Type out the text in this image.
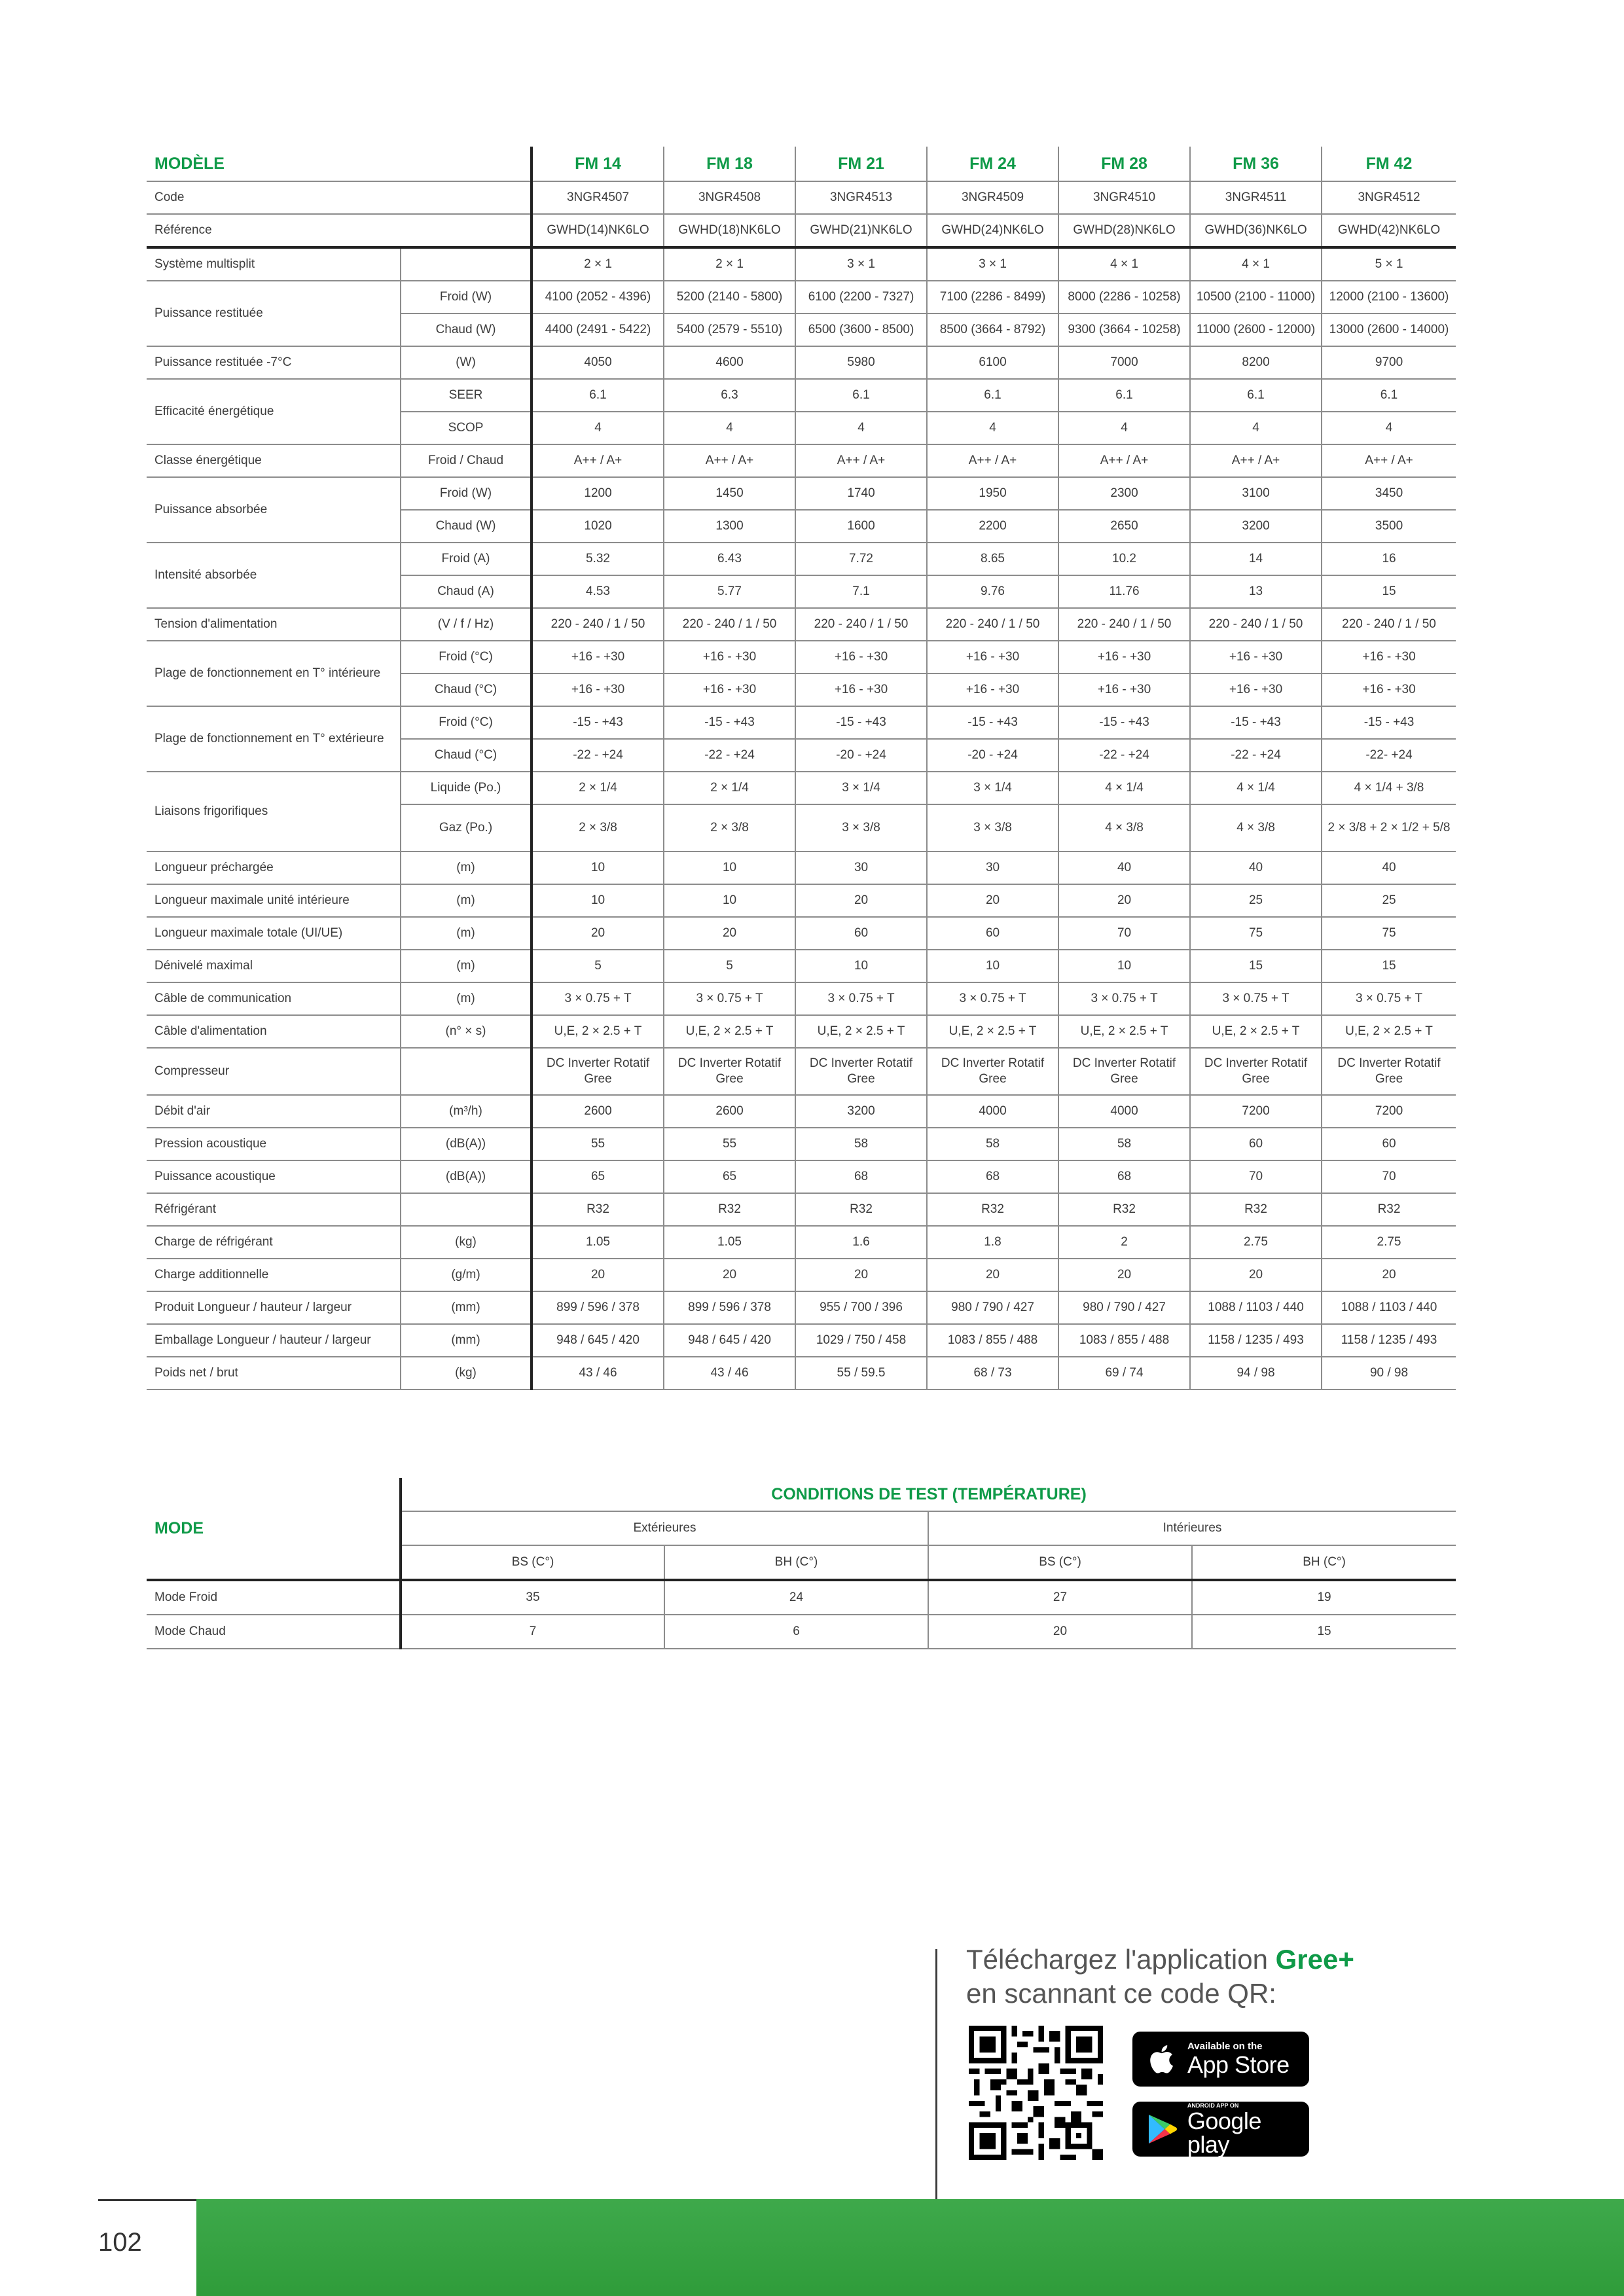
MODÈLE		FM 14	FM 18	FM 21	FM 24	FM 28	FM 36	FM 42
Code		3NGR4507	3NGR4508	3NGR4513	3NGR4509	3NGR4510	3NGR4511	3NGR4512
Référence		GWHD(14)NK6LO	GWHD(18)NK6LO	GWHD(21)NK6LO	GWHD(24)NK6LO	GWHD(28)NK6LO	GWHD(36)NK6LO	GWHD(42)NK6LO
Système multisplit		2 × 1	2 × 1	3 × 1	3 × 1	4 × 1	4 × 1	5 × 1
Puissance restituée	Froid (W)	4100 (2052 - 4396)	5200 (2140 - 5800)	6100 (2200 - 7327)	7100 (2286 - 8499)	8000 (2286 - 10258)	10500 (2100 - 11000)	12000 (2100 - 13600)
	Chaud (W)	4400 (2491 - 5422)	5400 (2579 - 5510)	6500 (3600 - 8500)	8500 (3664 - 8792)	9300 (3664 - 10258)	11000 (2600 - 12000)	13000 (2600 - 14000)
Puissance restituée -7°C	(W)	4050	4600	5980	6100	7000	8200	9700
Efficacité énergétique	SEER	6.1	6.3	6.1	6.1	6.1	6.1	6.1
	SCOP	4	4	4	4	4	4	4
Classe énergétique	Froid / Chaud	A++ / A+	A++ / A+	A++ / A+	A++ / A+	A++ / A+	A++ / A+	A++ / A+
Puissance absorbée	Froid (W)	1200	1450	1740	1950	2300	3100	3450
	Chaud (W)	1020	1300	1600	2200	2650	3200	3500
Intensité absorbée	Froid (A)	5.32	6.43	7.72	8.65	10.2	14	16
	Chaud (A)	4.53	5.77	7.1	9.76	11.76	13	15
Tension d'alimentation	(V / f / Hz)	220 - 240 / 1 / 50	220 - 240 / 1 / 50	220 - 240 / 1 / 50	220 - 240 / 1 / 50	220 - 240 / 1 / 50	220 - 240 / 1 / 50	220 - 240 / 1 / 50
Plage de fonctionnement en T° intérieure	Froid (°C)	+16 - +30	+16 - +30	+16 - +30	+16 - +30	+16 - +30	+16 - +30	+16 - +30
	Chaud (°C)	+16 - +30	+16 - +30	+16 - +30	+16 - +30	+16 - +30	+16 - +30	+16 - +30
Plage de fonctionnement en T° extérieure	Froid (°C)	-15 - +43	-15 - +43	-15 - +43	-15 - +43	-15 - +43	-15 - +43	-15 - +43
	Chaud (°C)	-22 - +24	-22 - +24	-20 - +24	-20 - +24	-22 - +24	-22 - +24	-22- +24
Liaisons frigorifiques	Liquide (Po.)	2 × 1/4	2 × 1/4	3 × 1/4	3 × 1/4	4 × 1/4	4 × 1/4	4 × 1/4 + 3/8
	Gaz (Po.)	2 × 3/8	2 × 3/8	3 × 3/8	3 × 3/8	4 × 3/8	4 × 3/8	2 × 3/8 + 2 × 1/2 + 5/8
Longueur préchargée	(m)	10	10	30	30	40	40	40
Longueur maximale unité intérieure	(m)	10	10	20	20	20	25	25
Longueur maximale totale (UI/UE)	(m)	20	20	60	60	70	75	75
Dénivelé maximal	(m)	5	5	10	10	10	15	15
Câble de communication	(m)	3 × 0.75 + T	3 × 0.75 + T	3 × 0.75 + T	3 × 0.75 + T	3 × 0.75 + T	3 × 0.75 + T	3 × 0.75 + T
Câble d'alimentation	(n° × s)	U,E, 2 × 2.5 + T	U,E, 2 × 2.5 + T	U,E, 2 × 2.5 + T	U,E, 2 × 2.5 + T	U,E, 2 × 2.5 + T	U,E, 2 × 2.5 + T	U,E, 2 × 2.5 + T
Compresseur		DC Inverter Rotatif Gree	DC Inverter Rotatif Gree	DC Inverter Rotatif Gree	DC Inverter Rotatif Gree	DC Inverter Rotatif Gree	DC Inverter Rotatif Gree	DC Inverter Rotatif Gree
Débit d'air	(m³/h)	2600	2600	3200	4000	4000	7200	7200
Pression acoustique	(dB(A))	55	55	58	58	58	60	60
Puissance acoustique	(dB(A))	65	65	68	68	68	70	70
Réfrigérant		R32	R32	R32	R32	R32	R32	R32
Charge de réfrigérant	(kg)	1.05	1.05	1.6	1.8	2	2.75	2.75
Charge additionnelle	(g/m)	20	20	20	20	20	20	20
Produit Longueur / hauteur / largeur	(mm)	899 / 596 / 378	899 / 596 / 378	955 / 700 / 396	980 / 790 / 427	980 / 790 / 427	1088 / 1103 / 440	1088 / 1103 / 440
Emballage Longueur / hauteur / largeur	(mm)	948 / 645 / 420	948 / 645 / 420	1029 / 750 / 458	1083 / 855 / 488	1083 / 855 / 488	1158 / 1235 / 493	1158 / 1235 / 493
Poids net / brut	(kg)	43 / 46	43 / 46	55 / 59.5	68 / 73	69 / 74	94 / 98	90 / 98
MODE	CONDITIONS DE TEST (TEMPÉRATURE)			
	Extérieures		Intérieures	
	BS (C°)	BH (C°)	BS (C°)	BH (C°)
Mode Froid	35	24	27	19
Mode Chaud	7	6	20	15
Téléchargez l'application Gree+
en scannant ce code QR:
Available on the
App Store
ANDROID APP ON
Google play
102
